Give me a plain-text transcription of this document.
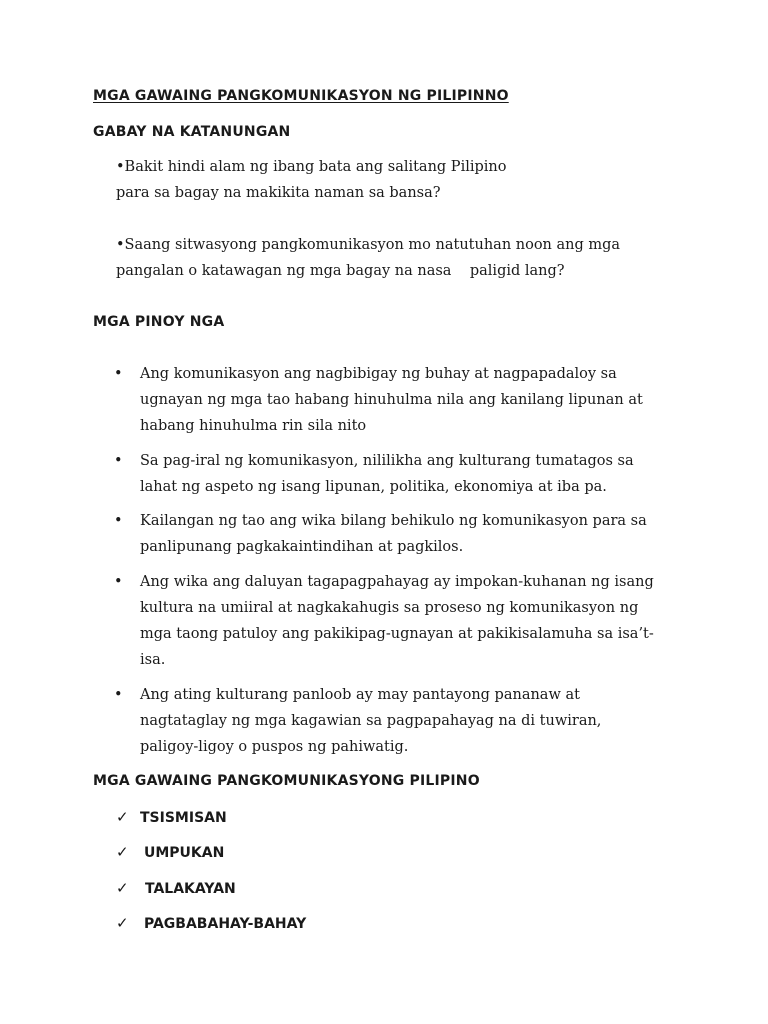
MGA GAWAING PANGKOMUNIKASYON NG PILIPINNO
GABAY NA KATANUNGAN
•Bakit hindi alam ng ibang bata ang salitang Pilipino
para sa bagay na makikita naman sa bansa?
•Saang sitwasyong pangkomunikasyon mo natutuhan noon ang mga
pangalan o katawagan ng mga bagay na nasa    paligid lang?
MGA PINOY NGA
•	Ang komunikasyon ang nagbibigay ng buhay at nagpapadaloy sa
ugnayan ng mga tao habang hinuhulma nila ang kanilang lipunan at
habang hinuhulma rin sila nito
•	Sa pag-iral ng komunikasyon, nililikha ang kulturang tumatagos sa
lahat ng aspeto ng isang lipunan, politika, ekonomiya at iba pa.
•	Kailangan ng tao ang wika bilang behikulo ng komunikasyon para sa
panlipunang pagkakaintindihan at pagkilos.
•	Ang wika ang daluyan tagapagpahayag ay impokan-kuhanan ng isang
kultura na umiiral at nagkakahugis sa proseso ng komunikasyon ng
mga taong patuloy ang pakikipag-ugnayan at pakikisalamuha sa isa’t-
isa.
•	Ang ating kulturang panloob ay may pantayong pananaw at
nagtataglay ng mga kagawian sa pagpapahayag na di tuwiran,
paligoy-ligoy o puspos ng pahiwatig.
MGA GAWAING PANGKOMUNIKASYONG PILIPINO
✓ TSISMISAN
✓ UMPUKAN
✓ TALAKAYAN
✓ PAGBABAHAY-BAHAY
